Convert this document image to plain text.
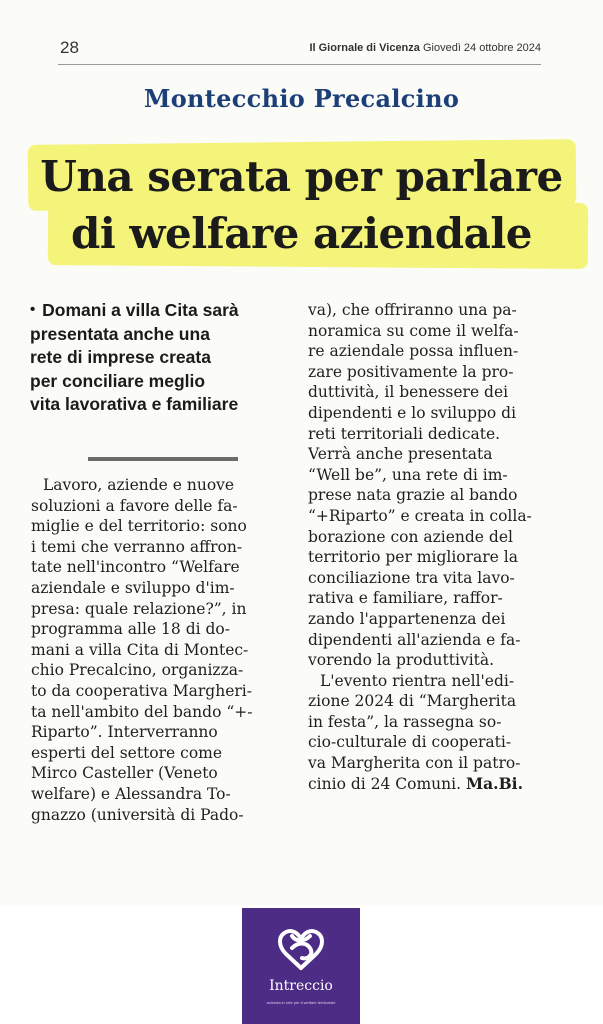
28	Il Giornale di Vicenza Giovedì 24 ottobre 2024
Montecchio Precalcino
Una serata per parlare
di welfare aziendale
• Domani a villa Cita sarà
presentata anche una
rete di imprese creata
per conciliare meglio
vita lavorativa e familiare
Lavoro, aziende e nuove
soluzioni a favore delle fa-
miglie e del territorio: sono
i temi che verranno affron-
tate nell'incontro “Welfare
aziendale e sviluppo d'im-
presa: quale relazione?”, in
programma alle 18 di do-
mani a villa Cita di Montec-
chio Precalcino, organizza-
to da cooperativa Margheri-
ta nell'ambito del bando “+-
Riparto”. Interverranno
esperti del settore come
Mirco Casteller (Veneto
welfare) e Alessandra To-
gnazzo (università di Pado-
va), che offriranno una pa-
noramica su come il welfa-
re aziendale possa influen-
zare positivamente la pro-
duttività, il benessere dei
dipendenti e lo sviluppo di
reti territoriali dedicate.
Verrà anche presentata
“Well be”, una rete di im-
prese nata grazie al bando
“+Riparto” e creata in colla-
borazione con aziende del
territorio per migliorare la
conciliazione tra vita lavo-
rativa e familiare, raffor-
zando l'appartenenza dei
dipendenti all'azienda e fa-
vorendo la produttività.
L'evento rientra nell'edi-
zione 2024 di “Margherita
in festa”, la rassegna so-
cio-culturale di cooperati-
va Margherita con il patro-
cinio di 24 Comuni. Ma.Bi.
Intreccio
azienda in rete per il welfare territoriale
